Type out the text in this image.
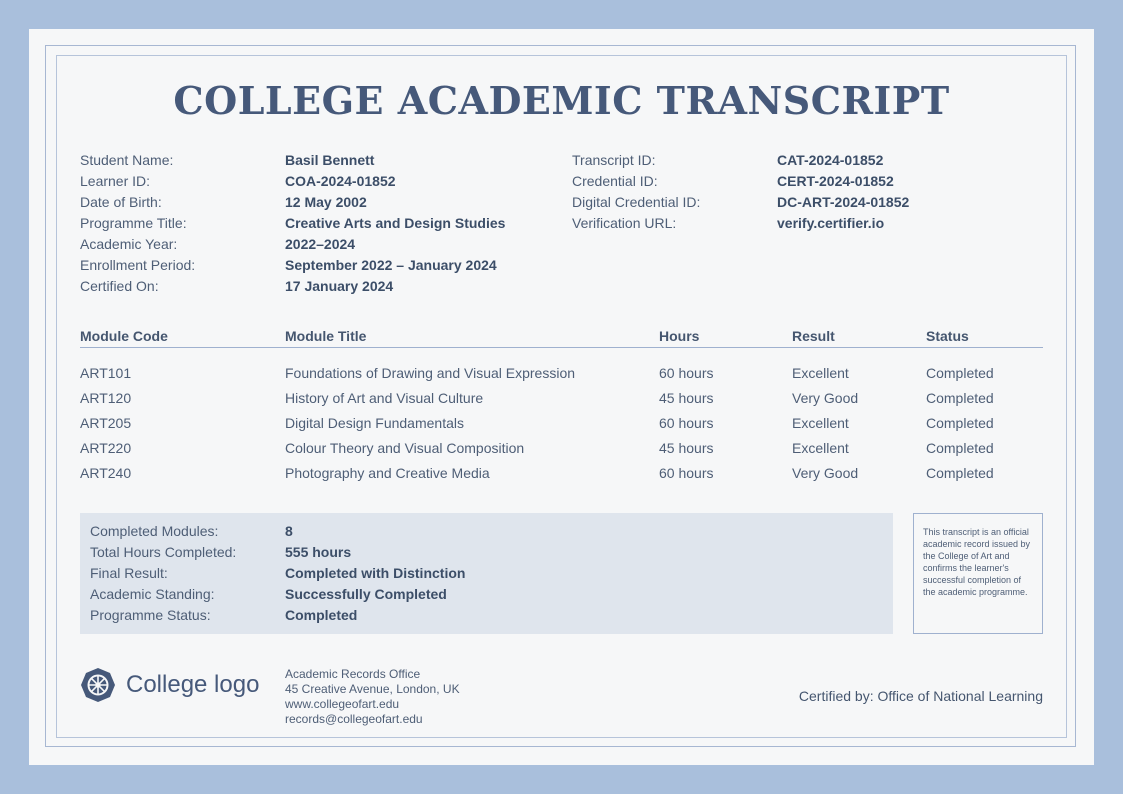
COLLEGE ACADEMIC TRANSCRIPT
Student Name:	Basil Bennett
Learner ID:	COA-2024-01852
Date of Birth:	12 May 2002
Programme Title:	Creative Arts and Design Studies
Academic Year:	2022–2024
Enrollment Period:	September 2022 – January 2024
Certified On:	17 January 2024
Transcript ID:	CAT-2024-01852
Credential ID:	CERT-2024-01852
Digital Credential ID:	DC-ART-2024-01852
Verification URL:	verify.certifier.io
Module Code	Module Title	Hours	Result	Status
ART101	Foundations of Drawing and Visual Expression	60 hours	Excellent	Completed
ART120	History of Art and Visual Culture	45 hours	Very Good	Completed
ART205	Digital Design Fundamentals	60 hours	Excellent	Completed
ART220	Colour Theory and Visual Composition	45 hours	Excellent	Completed
ART240	Photography and Creative Media	60 hours	Very Good	Completed
Completed Modules:	8
Total Hours Completed:	555 hours
Final Result:	Completed with Distinction
Academic Standing:	Successfully Completed
Programme Status:	Completed
This transcript is an official academic record issued by the College of Art and confirms the learner's successful completion of the academic programme.
College logo Academic Records Office
45 Creative Avenue, London, UK
www.collegeofart.edu
records@collegeofart.edu
Certified by: Office of National Learning
